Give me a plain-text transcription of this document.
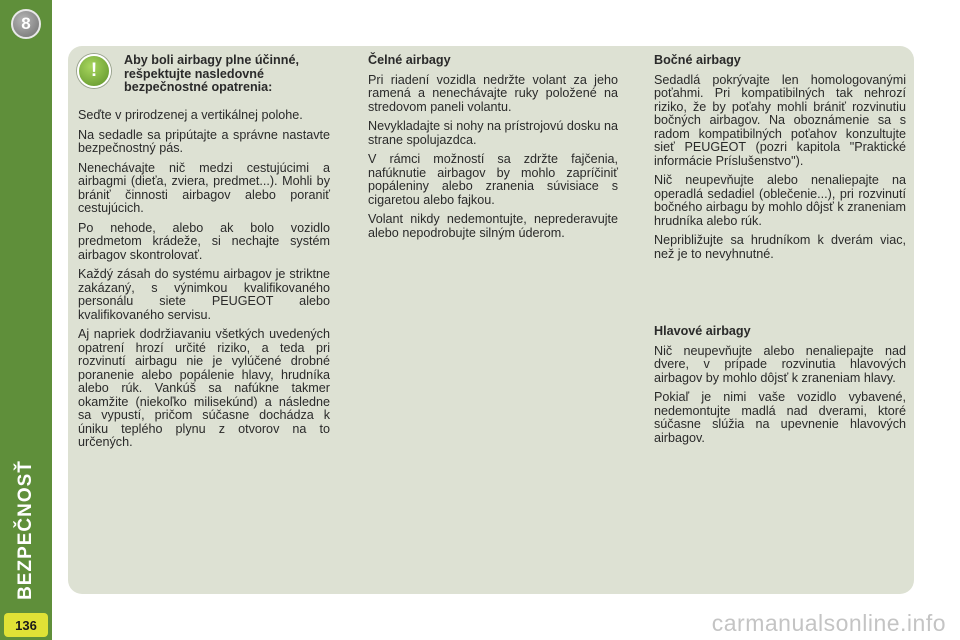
8
BEZPEČNOSŤ
136
!	Aby boli airbagy plne účinné, rešpektujte nasledovné bezpečnostné opatrenia:

Seďte v prirodzenej a vertikálnej polohe.

Na sedadle sa pripútajte a správne nastavte bezpečnostný pás.

Nenechávajte nič medzi cestujúcimi a airbagmi (dieťa, zviera, predmet...). Mohli by brániť činnosti airbagov alebo poraniť cestujúcich.

Po nehode, alebo ak bolo vozidlo predmetom krádeže, si nechajte systém airbagov skontrolovať.

Každý zásah do systému airbagov je striktne zakázaný, s výnimkou kvalifikovaného personálu siete PEUGEOT alebo kvalifikovaného servisu.

Aj napriek dodržiavaniu všetkých uvedených opatrení hrozí určité riziko, a teda pri rozvinutí airbagu nie je vylúčené drobné poranenie alebo popálenie hlavy, hrudníka alebo rúk. Vankúš sa nafúkne takmer okamžite (niekoľko milisekúnd) a následne sa vypustí, pričom súčasne dochádza k úniku teplého plynu z otvorov na to určených.

Čelné airbagy

Pri riadení vozidla nedržte volant za jeho ramená a nenechávajte ruky položené na stredovom paneli volantu.

Nevykladajte si nohy na prístrojovú dosku na strane spolujazdca.

V rámci možností sa zdržte fajčenia, nafúknutie airbagov by mohlo zapríčiniť popáleniny alebo zranenia súvisiace s cigaretou alebo fajkou.

Volant nikdy nedemontujte, neprederavujte alebo nepodrobujte silným úderom.

Bočné airbagy

Sedadlá pokrývajte len homologovanými poťahmi. Pri kompatibilných tak nehrozí riziko, že by poťahy mohli brániť rozvinutiu bočných airbagov. Na oboznámenie sa s radom kompatibilných poťahov konzultujte sieť PEUGEOT (pozri kapitola "Praktické informácie Príslušenstvo").

Nič neupevňujte alebo nenaliepajte na operadlá sedadiel (oblečenie...), pri rozvinutí bočného airbagu by mohlo dôjsť k zraneniam hrudníka alebo rúk.

Nepribližujte sa hrudníkom k dverám viac, než je to nevyhnutné.

Hlavové airbagy

Nič neupevňujte alebo nenaliepajte nad dvere, v prípade rozvinutia hlavových airbagov by mohlo dôjsť k zraneniam hlavy.

Pokiaľ je nimi vaše vozidlo vybavené, nedemontujte madlá nad dverami, ktoré súčasne slúžia na upevnenie hlavových airbagov.

carmanualsonline.info
